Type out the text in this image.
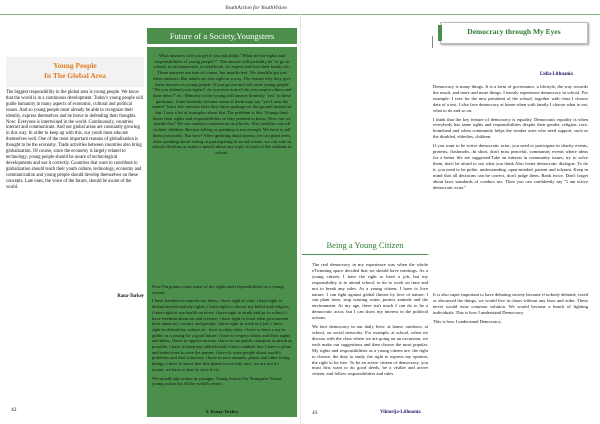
YouthAction for YouthVision
Young People
In The Global Area
The biggest responsibility in the global area is young people. We know that the world is in a continuous development. Today's young people will guide humanity in many aspects of economic, cultural and political issues. And so young people must already be able to recognize their identity, express themselves and be brave in defending their thoughts. Now: Everyone is intertwined in the world. Continuously, countries interact and communicate. And our global areas are constantly growing in this way. In order to keep up with this, our youth must educate themselves well. One of the most important reasons of globalization is thought to be the economy. Trade activities between countries also bring globalization. Of course, since the economy is largely related to technology, young people should be aware of technological developments and use it correctly. Countries that want to contribute to globalization should teach their youth culture, technology, economy and communication and young people should develop themselves on these concepts. Late ones, the voice of the future, should be aware of the world.
Rana-Turkey
42
Future of a Society,Youngsters
What answers will you get if you ask adults "What are the rights and responsibilities of young people?". The answer will probably be "to go to school, to do homework, to read book, to respect and love their family etc. These answers are true of course, but insufficient. We should'n get just these answers. But adults are also right in a way. The reason why they give these answers is young people. If you go out and ask some young people "Do you defend your rights?, do you ever notice?,do you respect others and their ideas?" etc. Minority of the young will answer honestly "yes" to these questions. I said honestly because some of them may say "yes I own the matter" but a few minutes later they throw garbage on the ground instead of bin. I saw a lot of examples about that.The problem is this. Youngs don't know their rights and responsibilities or they pretend to know. How can we handle this? We can conduct conferences in schools. Also families can tell to their children. But just telling or speaking is not enough. We have to tell them practically. But how? After speaking about norms, we can plant trees; after speaking about voting or participating in social events, we can vote in school elections or make a speech about any topic in front of the students in school.

Now I'm gonna count some of my rights and responsibilities as a young citizen:

I have freedom to express my ideas; i have right to vote; i have right to defend myself and my rights; i have right to choose my belief and religion; i have right to use health services; i have right to study and go to school; i have freedom about art and science; i have right to learn what government does about my country and people; i have right to work in a job; i have right to defend my culture etc. have to obey rules; i have to have a say in public as a young for a good future; i have to respect others and their rights and ideas; i have to oppose racism; i have to use public transport as much as possible, i have to keep my rubbish until i find a rubbish bin; i have to plant and water trees to save the nature; i have to warn people about world's problems and find solutions; i have to save animals, plants and other living beings; i have to know that this planet is not only ours, we are not it's owner, we have to love it, save it etc.

We should take action as younger. Young Action For Youngster Vision, young action for all the world's vision.

Y. Kutay-Turkey
Democracy through My Eyes
Lidia-Lithuania

Democracy is many things. It is a form of governance, a lifestyle, the way towards the result, and more and more things. I mostly experience democracy in school. For example: I vote for the new president of the school; together with class I choose date of a test. I also face democracy at home when with family I choose what to eat, what to do and so on.

I think that the key feature of democracy is equality. Democratic equality is when everybody has same rights and responsibilities despite their gender, religion, race, homeland and when community helps the weaker ones who need support, such as the disabled, elderlies, children.

If you want to be active democratic actor, you need to participate in charity events, protests, flashmobs...In short, don't miss peaceful, community events where ideas for a better life are suggested.Take an interest in community issues, try to solve them, don't be afraid to say what you think.Also foster democratic dialogue. To do it, you need to be polite, understanding, open-minded, patient and tolerant. Keep in mind that all decisions can be correct, don't judge them. Rank twice. Don't forget about laws standards of conduct too. Then you can confidently say "I am active democratic actor"

It is also super important to have debating society because if nobody debated, voted or discussed the things, we would live in chaos without any laws and order. These never would exist common solution. We would become a bunch of fighting individuals. This is how I understand Democracy

This is how I understand Democracy.

Being a Young Citizen

The real democracy in my experience was when the whole eTwinning space decided that we should have meetings. As a young citizen, I have the right to have a job, but my responsibility is to attend school, to do to work on time and not to break any rules. As a young citizen, I have to love nature. I can fight against global threats by love of nature: I can plant trees, stop wasting water, protect animals and the environment. At my age, there isn't much I can do to be a democratic actor, but I can show my interest in the political actions.

We face democracy in our daily lives: at home, outdoors, at school, on social networks. For example, at school, when we discuss with the class where we are going on an excursion, we each make our suggestions and then choose the most popular. My rights and responsibilities as a young citizen are: the right to choose, the duty to study, the right to express my opinion, the right to be free. To be an active citizen of democracy, you must first want to do good deeds, be a visible and active citizen, and follow responsibilities and rules.

Viktorija-Lithuania
43
